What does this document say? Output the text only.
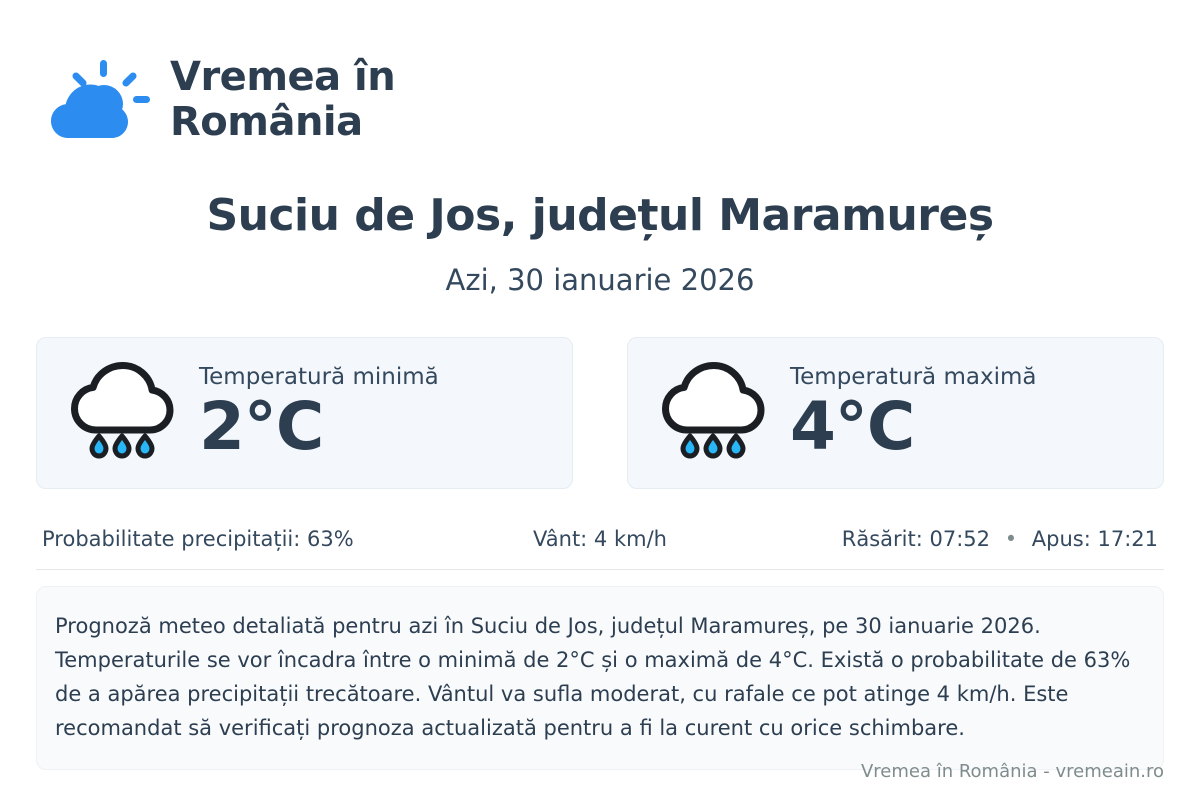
Vremea în România
Suciu de Jos, județul Maramureș
Azi, 30 ianuarie 2026
Temperatură minimă
2°C
Temperatură maximă
4°C
Probabilitate precipitații: 63%	Vânt: 4 km/h	Răsărit: 07:52 • Apus: 17:21
Prognoză meteo detaliată pentru azi în Suciu de Jos, județul Maramureș, pe 30 ianuarie 2026. Temperaturile se vor încadra între o minimă de 2°C și o maximă de 4°C. Există o probabilitate de 63% de a apărea precipitații trecătoare. Vântul va sufla moderat, cu rafale ce pot atinge 4 km/h. Este recomandat să verificați prognoza actualizată pentru a fi la curent cu orice schimbare.
Vremea în România - vremeain.ro
